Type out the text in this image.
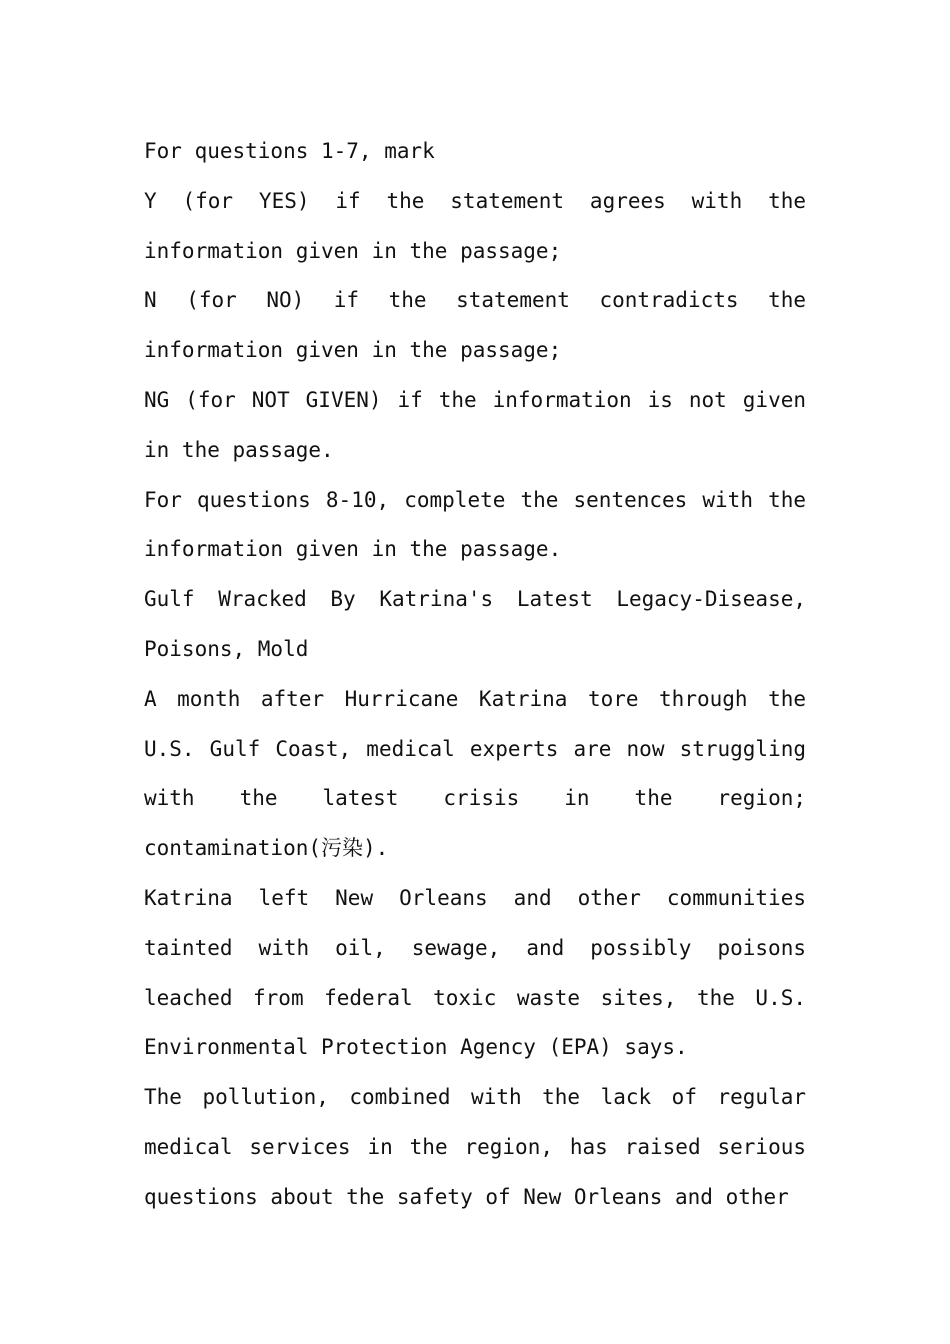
For questions 1-7, mark

Y (for YES) if the statement agrees with the information given in the passage;

N (for NO) if the statement contradicts the information given in the passage;

NG (for NOT GIVEN) if the information is not given in the passage.

For questions 8-10, complete the sentences with the information given in the passage.

Gulf Wracked By Katrina's Latest Legacy-Disease, Poisons, Mold

A month after Hurricane Katrina tore through the U.S. Gulf Coast, medical experts are now struggling with the latest crisis in the region; contamination(污染).

Katrina left New Orleans and other communities tainted with oil, sewage, and possibly poisons leached from federal toxic waste sites, the U.S. Environmental Protection Agency (EPA) says.

The pollution, combined with the lack of regular medical services in the region, has raised serious questions about the safety of New Orleans and other
